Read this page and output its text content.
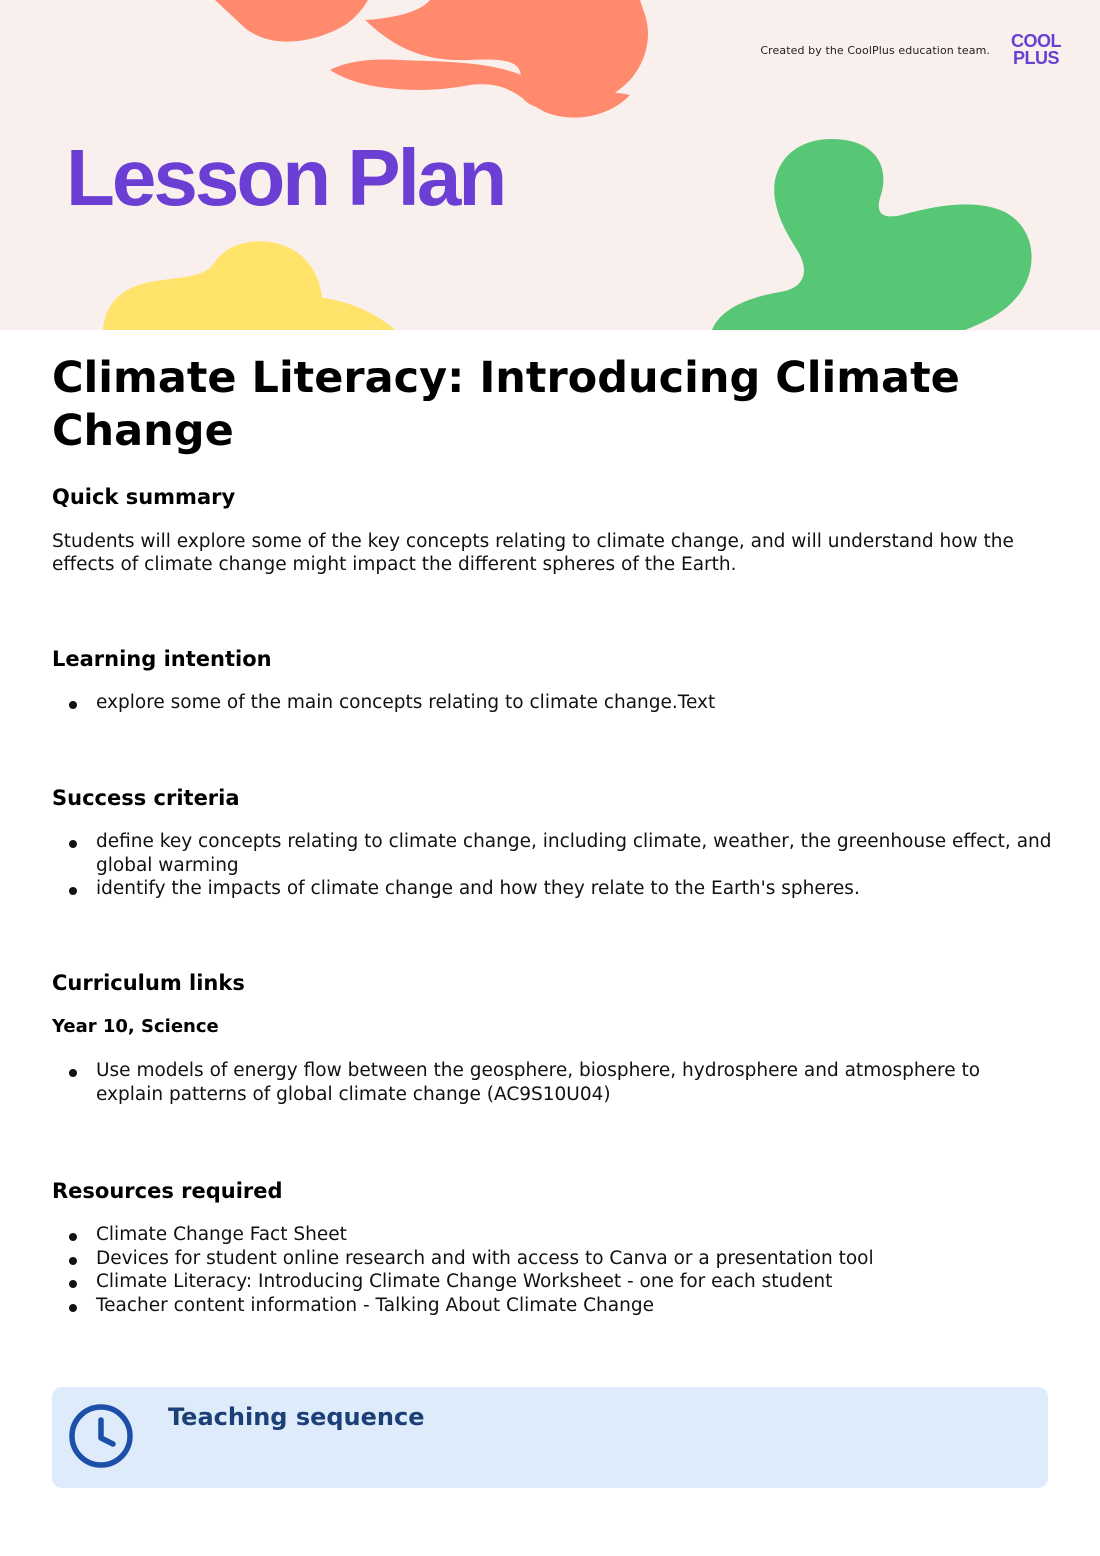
Created by the CoolPlus education team.	COOL
PLUS
Lesson Plan
Climate Literacy: Introducing Climate Change
Quick summary

Students will explore some of the key concepts relating to climate change, and will understand how the effects of climate change might impact the different spheres of the Earth.

Learning intention
explore some of the main concepts relating to climate change.Text
Success criteria
define key concepts relating to climate change, including climate, weather, the greenhouse effect, and global warming
identify the impacts of climate change and how they relate to the Earth's spheres.
Curriculum links
Year 10, Science
Use models of energy flow between the geosphere, biosphere, hydrosphere and atmosphere to explain patterns of global climate change (AC9S10U04)
Resources required
Climate Change Fact Sheet
Devices for student online research and with access to Canva or a presentation tool
Climate Literacy: Introducing Climate Change Worksheet - one for each student
Teacher content information - Talking About Climate Change
Teaching sequence
